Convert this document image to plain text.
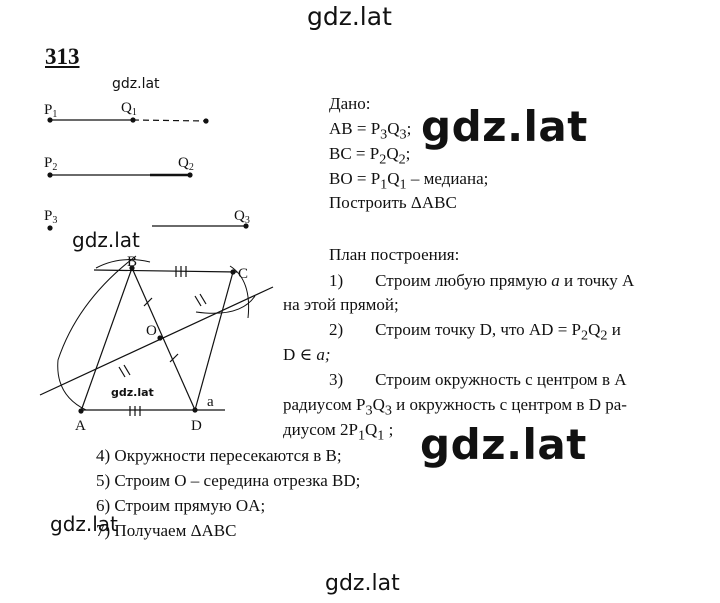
gdz.lat
gdz.lat
gdz.lat
gdz.lat
gdz.lat
gdz.lat
gdz.lat
gdz.lat
313
$P_1$	$Q_1$
$P_2$	$Q_2$
$P_3$	$Q_3$
B
C
O
A	D
a
Дано:
AB = $P_3Q_3$;
BC = $P_2Q_2$;
BO = $P_1Q_1$ – медиана;
Построить ΔABC
План построения:
1) Строим любую прямую a и точку A
на этой прямой;
2) Строим точку D, что AD = $P_2Q_2$ и
D ∈ a;
3) Строим окружность с центром в A
радиусом $P_3Q_3$ и окружность с центром в D ра-
диусом $2P_1Q_1$ ;
4) Окружности пересекаются в B;
5) Строим O – середина отрезка BD;
6) Строим прямую OA;
7) Получаем ΔABC
